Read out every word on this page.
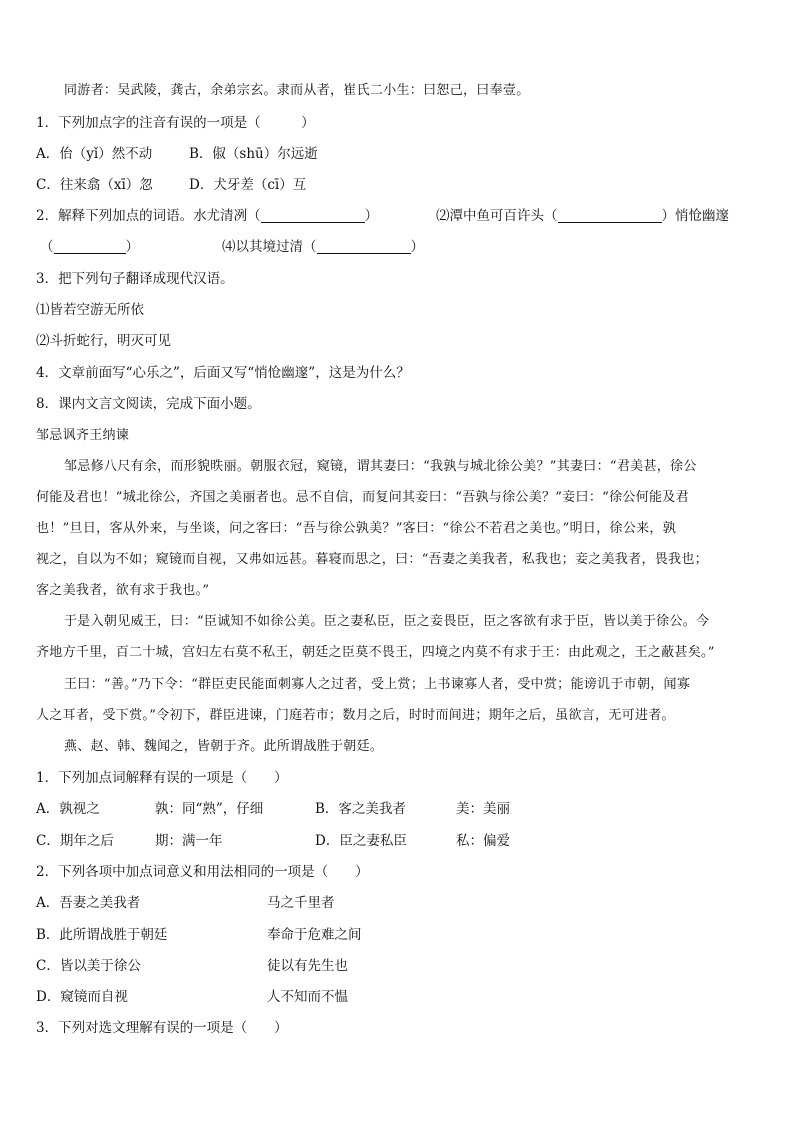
同游者：吴武陵，龚古，余弟宗玄。隶而从者，崔氏二小生：曰恕己，曰奉壹。
1．下列加点字的注音有误的一项是（　　　）
A．佁（yǐ）然不动	B．俶（shū）尔远逝
C．往来翕（xī）忽	D．犬牙差（cī）互
2．解释下列加点的词语。水尤清冽（	）	⑵潭中鱼可百许头（	）悄怆幽邃
（	）	⑷以其境过清（	）
3．把下列句子翻译成现代汉语。
⑴皆若空游无所依
⑵斗折蛇行，明灭可见
4．文章前面写“心乐之”，后面又写“悄怆幽邃”，这是为什么？
8．课内文言文阅读，完成下面小题。
邹忌讽齐王纳谏
邹忌修八尺有余，而形貌昳丽。朝服衣冠，窥镜，谓其妻曰：“我孰与城北徐公美？”其妻曰：“君美甚，徐公
何能及君也！”城北徐公，齐国之美丽者也。忌不自信，而复问其妾曰：“吾孰与徐公美？”妾曰：“徐公何能及君
也！”旦日，客从外来，与坐谈，问之客曰：“吾与徐公孰美？”客曰：“徐公不若君之美也。”明日，徐公来，孰
视之，自以为不如；窥镜而自视，又弗如远甚。暮寝而思之，曰：“吾妻之美我者，私我也；妾之美我者，畏我也；
客之美我者，欲有求于我也。”
于是入朝见威王，曰：“臣诚知不如徐公美。臣之妻私臣，臣之妾畏臣，臣之客欲有求于臣，皆以美于徐公。今
齐地方千里，百二十城，宫妇左右莫不私王，朝廷之臣莫不畏王，四境之内莫不有求于王：由此观之，王之蔽甚矣。”
王曰：“善。”乃下令：“群臣吏民能面刺寡人之过者，受上赏；上书谏寡人者，受中赏；能谤讥于市朝，闻寡
人之耳者，受下赏。”令初下，群臣进谏，门庭若市；数月之后，时时而间进；期年之后，虽欲言，无可进者。
燕、赵、韩、魏闻之，皆朝于齐。此所谓战胜于朝廷。
1．下列加点词解释有误的一项是（　　）
A．孰视之	孰：同“熟”，仔细	B．客之美我者	美：美丽
C．期年之后	期：满一年	D．臣之妻私臣	私：偏爱
2．下列各项中加点词意义和用法相同的一项是（　　）
A．吾妻之美我者	马之千里者
B．此所谓战胜于朝廷	奉命于危难之间
C．皆以美于徐公	徒以有先生也
D．窥镜而自视	人不知而不愠
3．下列对选文理解有误的一项是（　　）
